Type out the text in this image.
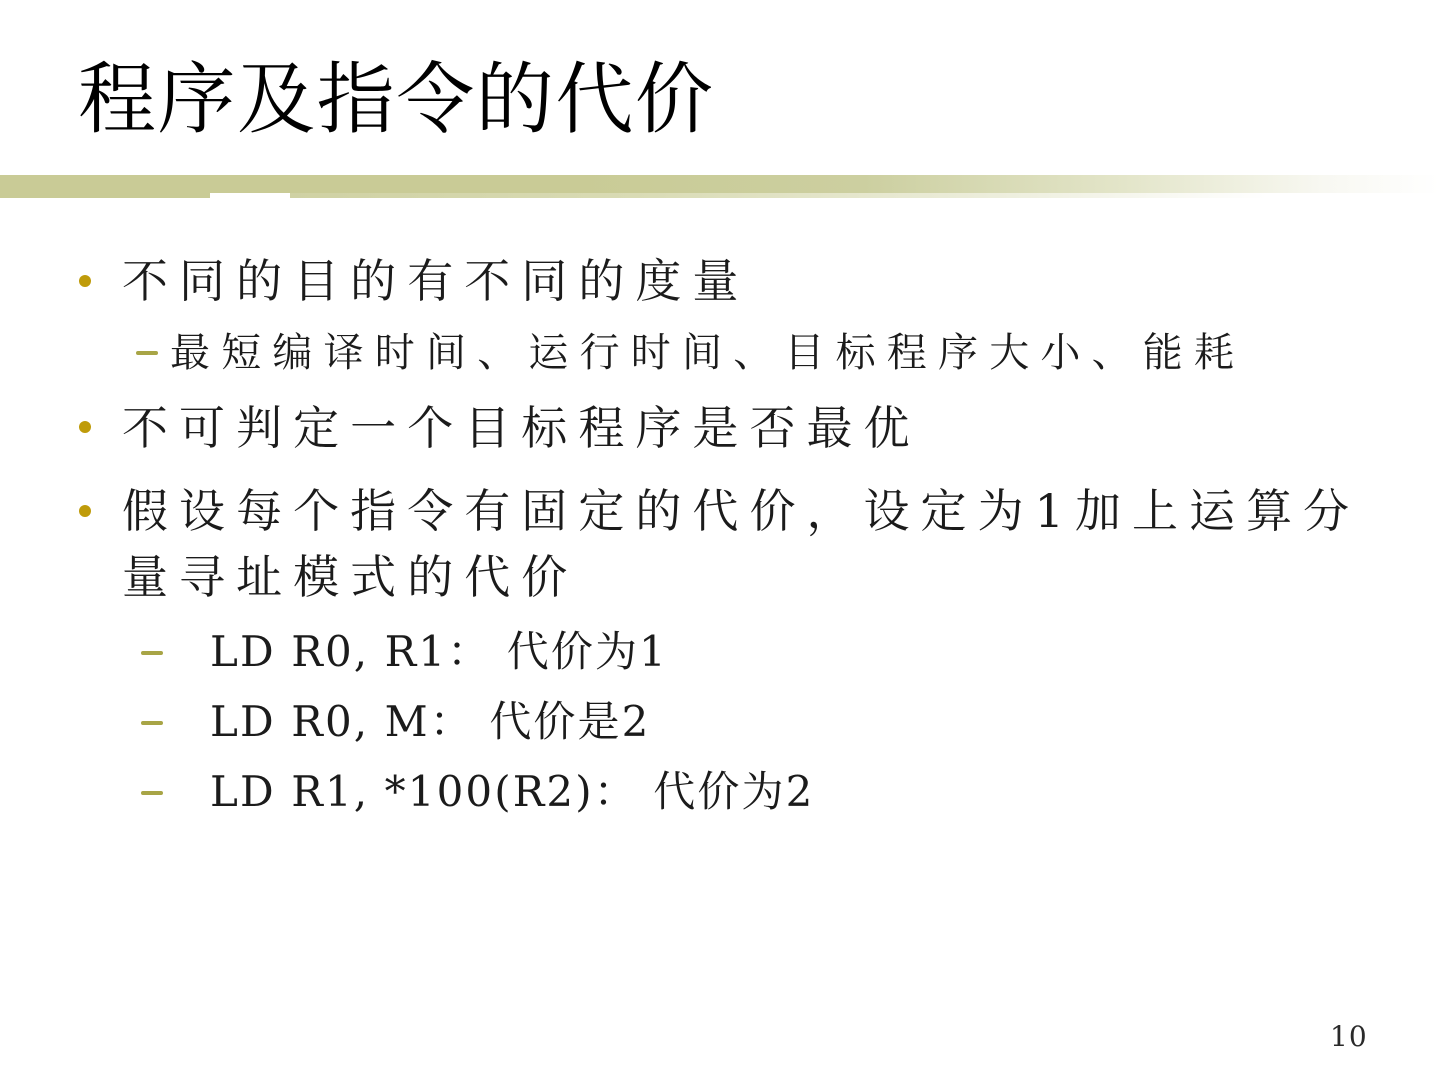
程序及指令的代价
不同的目的有不同的度量
最短编译时间、运行时间、目标程序大小、能耗
不可判定一个目标程序是否最优
假设每个指令有固定的代价，设定为1加上运算分
量寻址模式的代价
LD R0, R1： 代价为1
LD R0, M： 代价是2
LD R1, *100(R2)： 代价为2
10
